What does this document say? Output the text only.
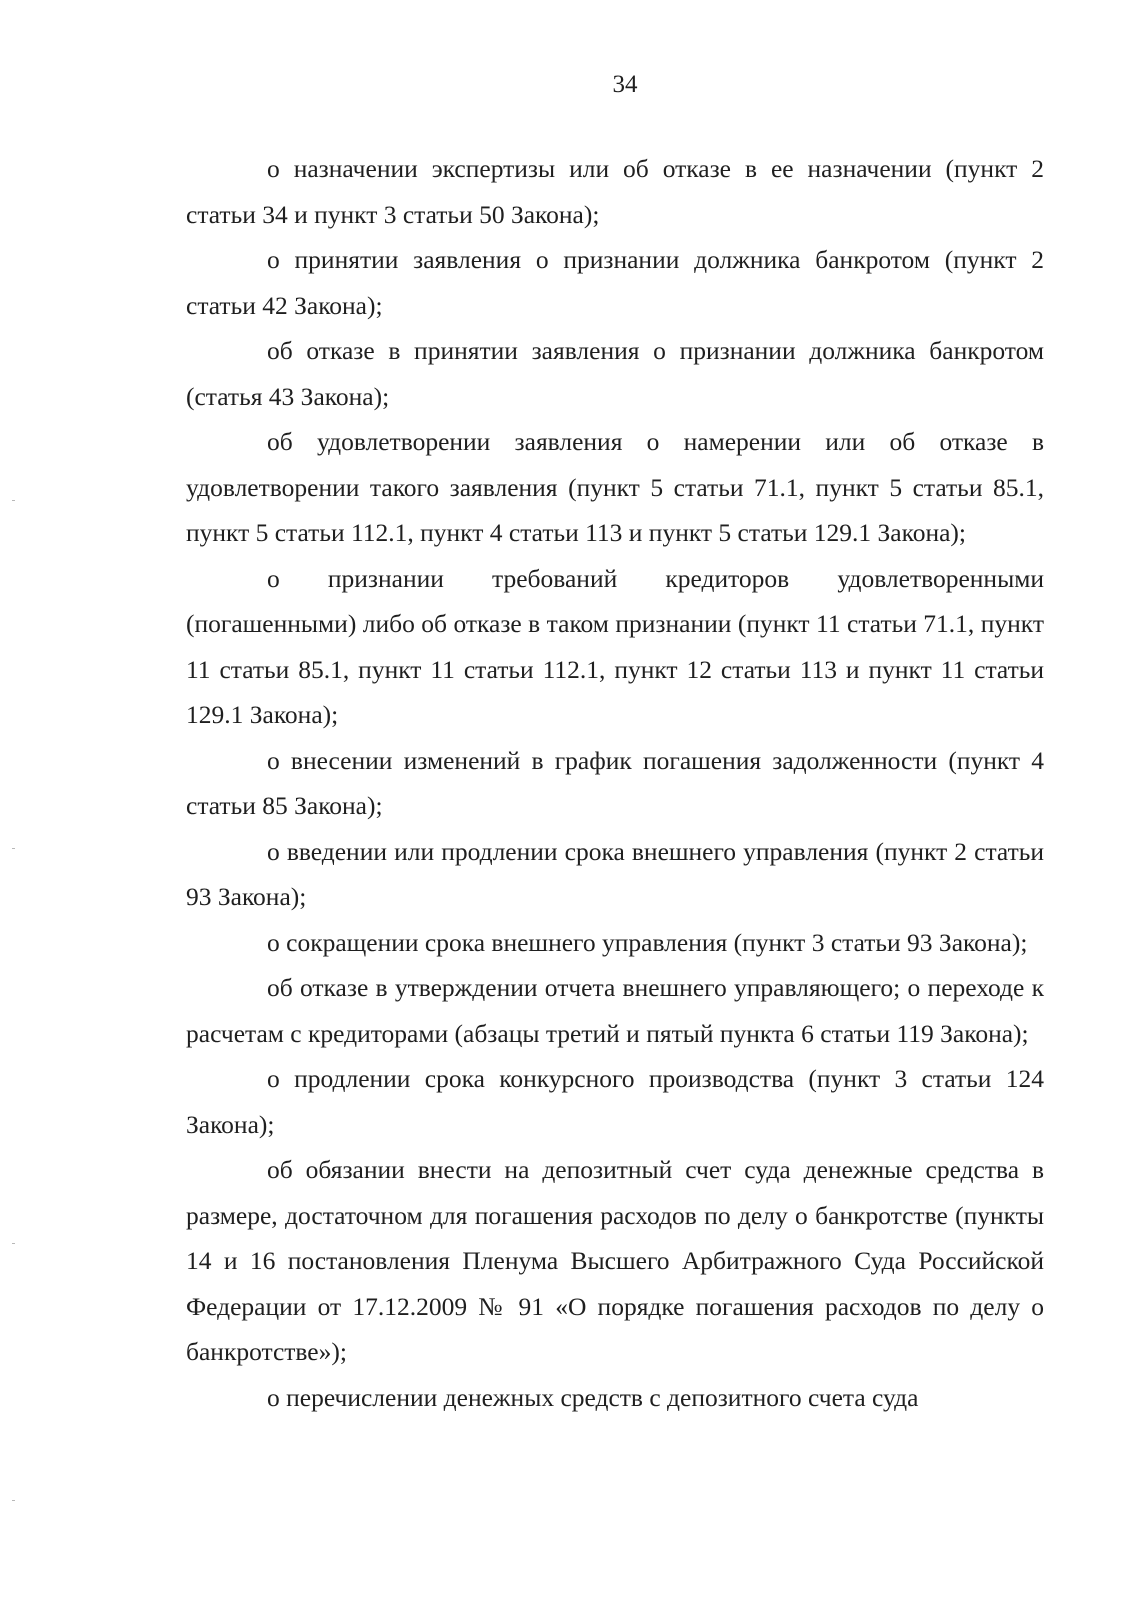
34

о назначении экспертизы или об отказе в ее назначении (пункт 2 статьи 34 и пункт 3 статьи 50 Закона);

о принятии заявления о признании должника банкротом (пункт 2 статьи 42 Закона);

об отказе в принятии заявления о признании должника банкротом (статья 43 Закона);

об удовлетворении заявления о намерении или об отказе в удовлетворении такого заявления (пункт 5 статьи 71.1, пункт 5 статьи 85.1, пункт 5 статьи 112.1, пункт 4 статьи 113 и пункт 5 статьи 129.1 Закона);

о признании требований кредиторов удовлетворенными (погашенными) либо об отказе в таком признании (пункт 11 статьи 71.1, пункт 11 статьи 85.1, пункт 11 статьи 112.1, пункт 12 статьи 113 и пункт 11 статьи 129.1 Закона);

о внесении изменений в график погашения задолженности (пункт 4 статьи 85 Закона);

о введении или продлении срока внешнего управления (пункт 2 статьи 93 Закона);

о сокращении срока внешнего управления (пункт 3 статьи 93 Закона);

об отказе в утверждении отчета внешнего управляющего; о переходе к расчетам с кредиторами (абзацы третий и пятый пункта 6 статьи 119 Закона);

о продлении срока конкурсного производства (пункт 3 статьи 124 Закона);

об обязании внести на депозитный счет суда денежные средства в размере, достаточном для погашения расходов по делу о банкротстве (пункты 14 и 16 постановления Пленума Высшего Арбитражного Суда Российской Федерации от 17.12.2009 № 91 «О порядке погашения расходов по делу о банкротстве»);

о перечислении денежных средств с депозитного счета суда
